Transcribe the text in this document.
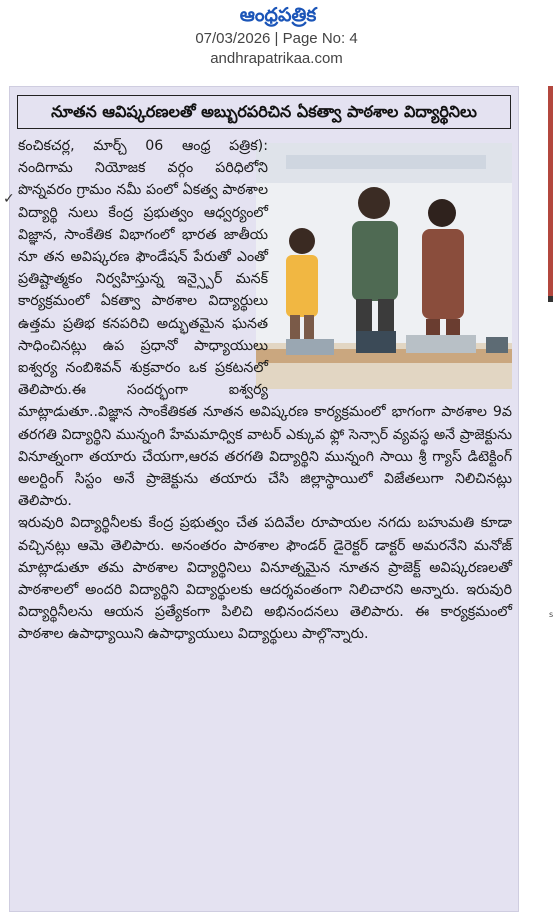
ఆంధ్రపత్రిక
07/03/2026 | Page No: 4
andhrapatrikaa.com
నూతన ఆవిష్కరణలతో అబ్బురపరిచిన ఏకత్వా పాఠశాల విద్యార్థినిలు
✓

కంచికచర్ల, మార్చ్ 06 ఆంధ్ర పత్రిక): నందిగామ నియోజక వర్గం పరిధిలోని పొన్నవరం గ్రామం నమీ పంలో ఏకత్వ పాఠశాల విద్యార్థి నులు కేంద్ర ప్రభుత్వం ఆధ్వర్యంలో విజ్ఞాన, సాంకేతిక విభాగంలో భారత జాతీయ నూ తన అవిష్కరణ ఫౌండేషన్ పేరుతో ఎంతో ప్రతిష్టాత్మకం నిర్వహిస్తున్న ఇన్స్పైర్ మనక్ కార్యక్రమంలో ఏకత్వా పాఠశాల విద్యార్థులు ఉత్తమ ప్రతిభ కనపరిచి అద్భుతమైన ఘనత సాధించినట్లు ఉప ప్రధానో పాధ్యాయులు ఐశ్వర్య నంబిశివన్ శుక్రవారం ఒక ప్రకటనలో తెలిపారు.ఈ సందర్భంగా ఐశ్వర్య మాట్లాడుతూ..విజ్ఞాన సాంకేతికత నూతన అవిష్కరణ కార్యక్రమంలో భాగంగా పాఠశాల 9వ తరగతి విద్యార్థిని మున్నంగి హేమమాధ్విక వాటర్ ఎక్కువ ఫ్లో సెన్సార్ వ్యవస్థ అనే ప్రాజెక్టును వినూత్నంగా తయారు చేయగా,ఆరవ తరగతి విద్యార్థిని మున్నంగి సాయి శ్రీ గ్యాస్ డిటెక్టింగ్ అలర్టింగ్ సిస్టం అనే ప్రాజెక్టును తయారు చేసి జిల్లాస్థాయిలో విజేతలుగా నిలిచినట్లు తెలిపారు.

ఇరువురి విద్యార్థినీలకు కేంద్ర ప్రభుత్వం చేత పదివేల రూపాయల నగదు బహుమతి కూడా వచ్చినట్లు ఆమె తెలిపారు. అనంతరం పాఠశాల ఫౌండర్ డైరెక్టర్ డాక్టర్ అమరనేని మనోజ్ మాట్లాడుతూ తమ పాఠశాల విద్యార్థినిలు వినూత్నమైన నూతన ప్రాజెక్ట్ అవిష్కరణలతో పాఠశాలలో అందరి విద్యార్థిని విద్యార్థులకు ఆదర్శవంతంగా నిలిచారని అన్నారు. ఇరువురి విద్యార్థినీలను ఆయన ప్రత్యేకంగా పిలిచి అభినందనలు తెలిపారు. ఈ కార్యక్రమంలో పాఠశాల ఉపాధ్యాయిని ఉపాధ్యాయులు విద్యార్థులు పాల్గొన్నారు.

s
